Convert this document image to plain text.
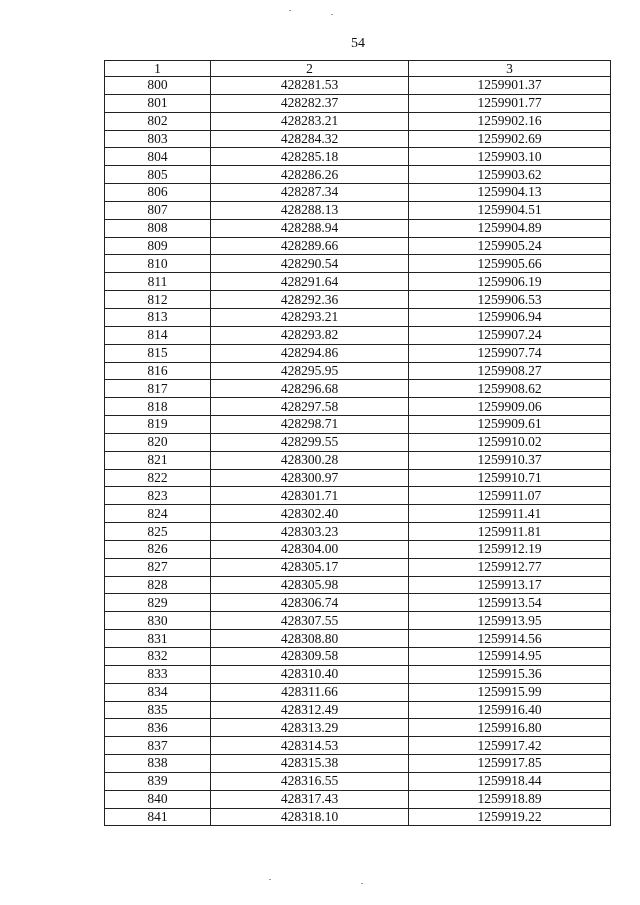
54
1	2	3
800	428281.53	1259901.37
801	428282.37	1259901.77
802	428283.21	1259902.16
803	428284.32	1259902.69
804	428285.18	1259903.10
805	428286.26	1259903.62
806	428287.34	1259904.13
807	428288.13	1259904.51
808	428288.94	1259904.89
809	428289.66	1259905.24
810	428290.54	1259905.66
811	428291.64	1259906.19
812	428292.36	1259906.53
813	428293.21	1259906.94
814	428293.82	1259907.24
815	428294.86	1259907.74
816	428295.95	1259908.27
817	428296.68	1259908.62
818	428297.58	1259909.06
819	428298.71	1259909.61
820	428299.55	1259910.02
821	428300.28	1259910.37
822	428300.97	1259910.71
823	428301.71	1259911.07
824	428302.40	1259911.41
825	428303.23	1259911.81
826	428304.00	1259912.19
827	428305.17	1259912.77
828	428305.98	1259913.17
829	428306.74	1259913.54
830	428307.55	1259913.95
831	428308.80	1259914.56
832	428309.58	1259914.95
833	428310.40	1259915.36
834	428311.66	1259915.99
835	428312.49	1259916.40
836	428313.29	1259916.80
837	428314.53	1259917.42
838	428315.38	1259917.85
839	428316.55	1259918.44
840	428317.43	1259918.89
841	428318.10	1259919.22
